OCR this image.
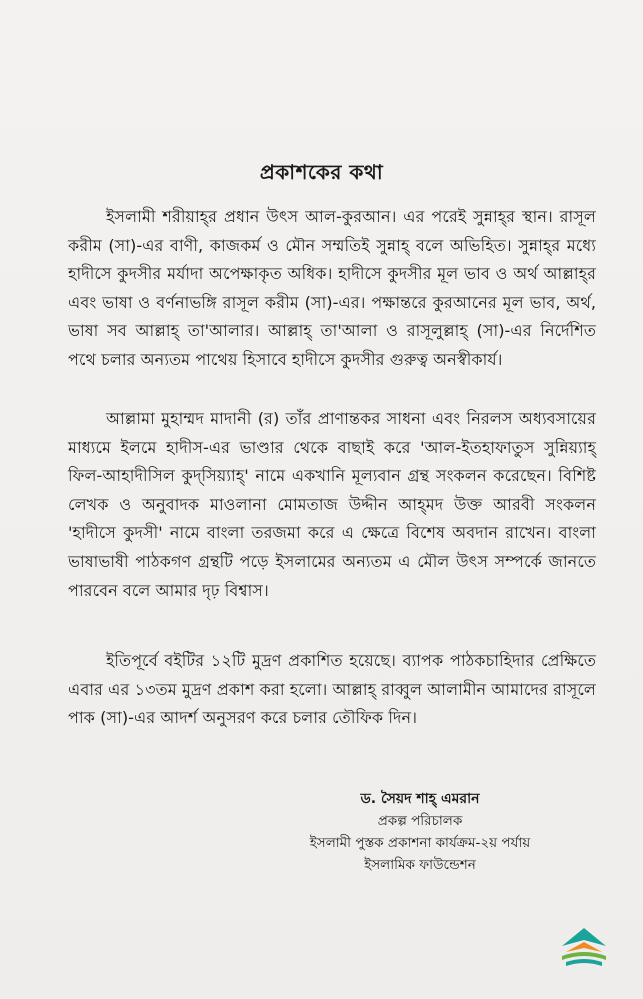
প্রকাশকের কথা
ইসলামী শরীয়াহ্‌র প্রধান উৎস আল-কুরআন। এর পরেই সুন্নাহ্‌র স্থান। রাসূল করীম (সা)-এর বাণী, কাজকর্ম ও মৌন সম্মতিই সুন্নাহ্‌ বলে অভিহিত। সুন্নাহ্‌র মধ্যে হাদীসে কুদসীর মর্যাদা অপেক্ষাকৃত অধিক। হাদীসে কুদসীর মূল ভাব ও অর্থ আল্লাহ্‌র এবং ভাষা ও বর্ণনাভঙ্গি রাসূল করীম (সা)-এর। পক্ষান্তরে কুরআনের মূল ভাব, অর্থ, ভাষা সব আল্লাহ্‌ তা'আলার। আল্লাহ্‌ তা'আলা ও রাসূলুল্লাহ্‌ (সা)-এর নির্দেশিত পথে চলার অন্যতম পাথেয় হিসাবে হাদীসে কুদসীর গুরুত্ব অনস্বীকার্য।
আল্লামা মুহাম্মদ মাদানী (র) তাঁর প্রাণান্তকর সাধনা এবং নিরলস অধ্যবসায়ের মাধ্যমে ইলমে হাদীস-এর ভাণ্ডার থেকে বাছাই করে 'আল-ইতহাফাতুস সুন্নিয়্যাহ্‌ ফিল-আহাদীসিল কুদ্‌সিয়্যাহ্‌' নামে একখানি মূল্যবান গ্রন্থ সংকলন করেছেন। বিশিষ্ট লেখক ও অনুবাদক মাওলানা মোমতাজ উদ্দীন আহ্‌মদ উক্ত আরবী সংকলন 'হাদীসে কুদসী' নামে বাংলা তরজমা করে এ ক্ষেত্রে বিশেষ অবদান রাখেন। বাংলা ভাষাভাষী পাঠকগণ গ্রন্থটি পড়ে ইসলামের অন্যতম এ মৌল উৎস সম্পর্কে জানতে পারবেন বলে আমার দৃঢ় বিশ্বাস।
ইতিপূর্বে বইটির ১২টি মুদ্রণ প্রকাশিত হয়েছে। ব্যাপক পাঠকচাহিদার প্রেক্ষিতে এবার এর ১৩তম মুদ্রণ প্রকাশ করা হলো। আল্লাহ্‌ রাব্বুল আলামীন আমাদের রাসূলে পাক (সা)-এর আদর্শ অনুসরণ করে চলার তৌফিক দিন।
ড. সৈয়দ শাহ্‌ এমরান
প্রকল্প পরিচালক
ইসলামী পুস্তক প্রকাশনা কার্যক্রম-২য় পর্যায়
ইসলামিক ফাউন্ডেশন
